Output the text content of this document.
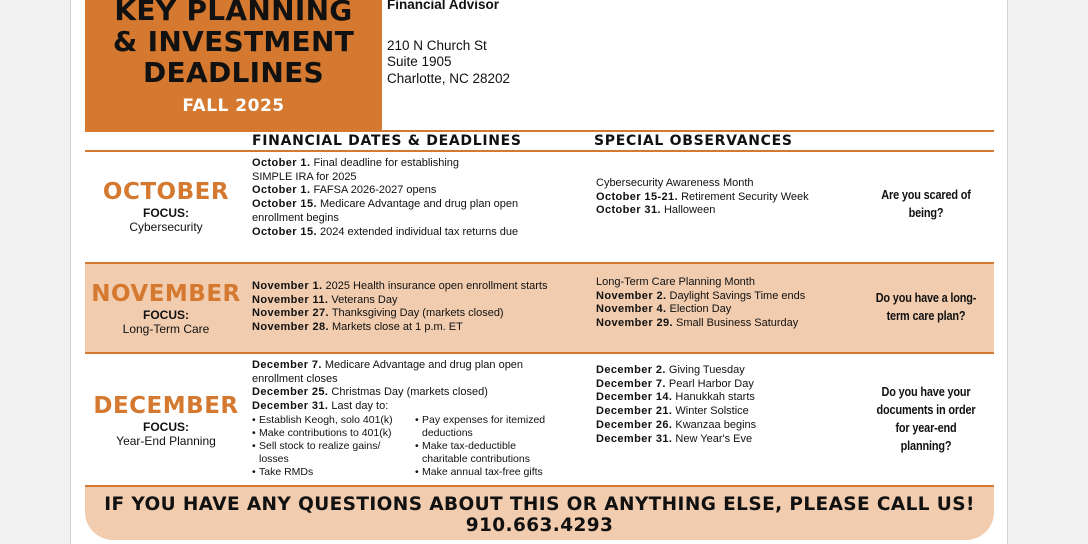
KEY PLANNING
& INVESTMENT
DEADLINES
FALL 2025
Financial Advisor
210 N Church St
Suite 1905
Charlotte, NC 28202
FINANCIAL DATES & DEADLINES	SPECIAL OBSERVANCES
OCTOBER
FOCUS:
Cybersecurity
October 1. Final deadline for establishing
SIMPLE IRA for 2025
October 1. FAFSA 2026-2027 opens
October 15. Medicare Advantage and drug plan open
enrollment begins
October 15. 2024 extended individual tax returns due
Cybersecurity Awareness Month
October 15-21. Retirement Security Week
October 31. Halloween
Are you scared of being?
NOVEMBER
FOCUS:
Long-Term Care
November 1. 2025 Health insurance open enrollment starts
November 11. Veterans Day
November 27. Thanksgiving Day (markets closed)
November 28. Markets close at 1 p.m. ET
Long-Term Care Planning Month
November 2. Daylight Savings Time ends
November 4. Election Day
November 29. Small Business Saturday
Do you have a long-term care plan?
DECEMBER
FOCUS:
Year-End Planning
December 7. Medicare Advantage and drug plan open
enrollment closes
December 25. Christmas Day (markets closed)
December 31. Last day to:
• Establish Keogh, solo 401(k)
• Make contributions to 401(k)
• Sell stock to realize gains/ losses
• Take RMDs
• Pay expenses for itemized deductions
• Make tax-deductible charitable contributions
• Make annual tax-free gifts
December 2. Giving Tuesday
December 7. Pearl Harbor Day
December 14. Hanukkah starts
December 21. Winter Solstice
December 26. Kwanzaa begins
December 31. New Year's Eve
Do you have your documents in order for year-end planning?
IF YOU HAVE ANY QUESTIONS ABOUT THIS OR ANYTHING ELSE, PLEASE CALL US!
910.663.4293
